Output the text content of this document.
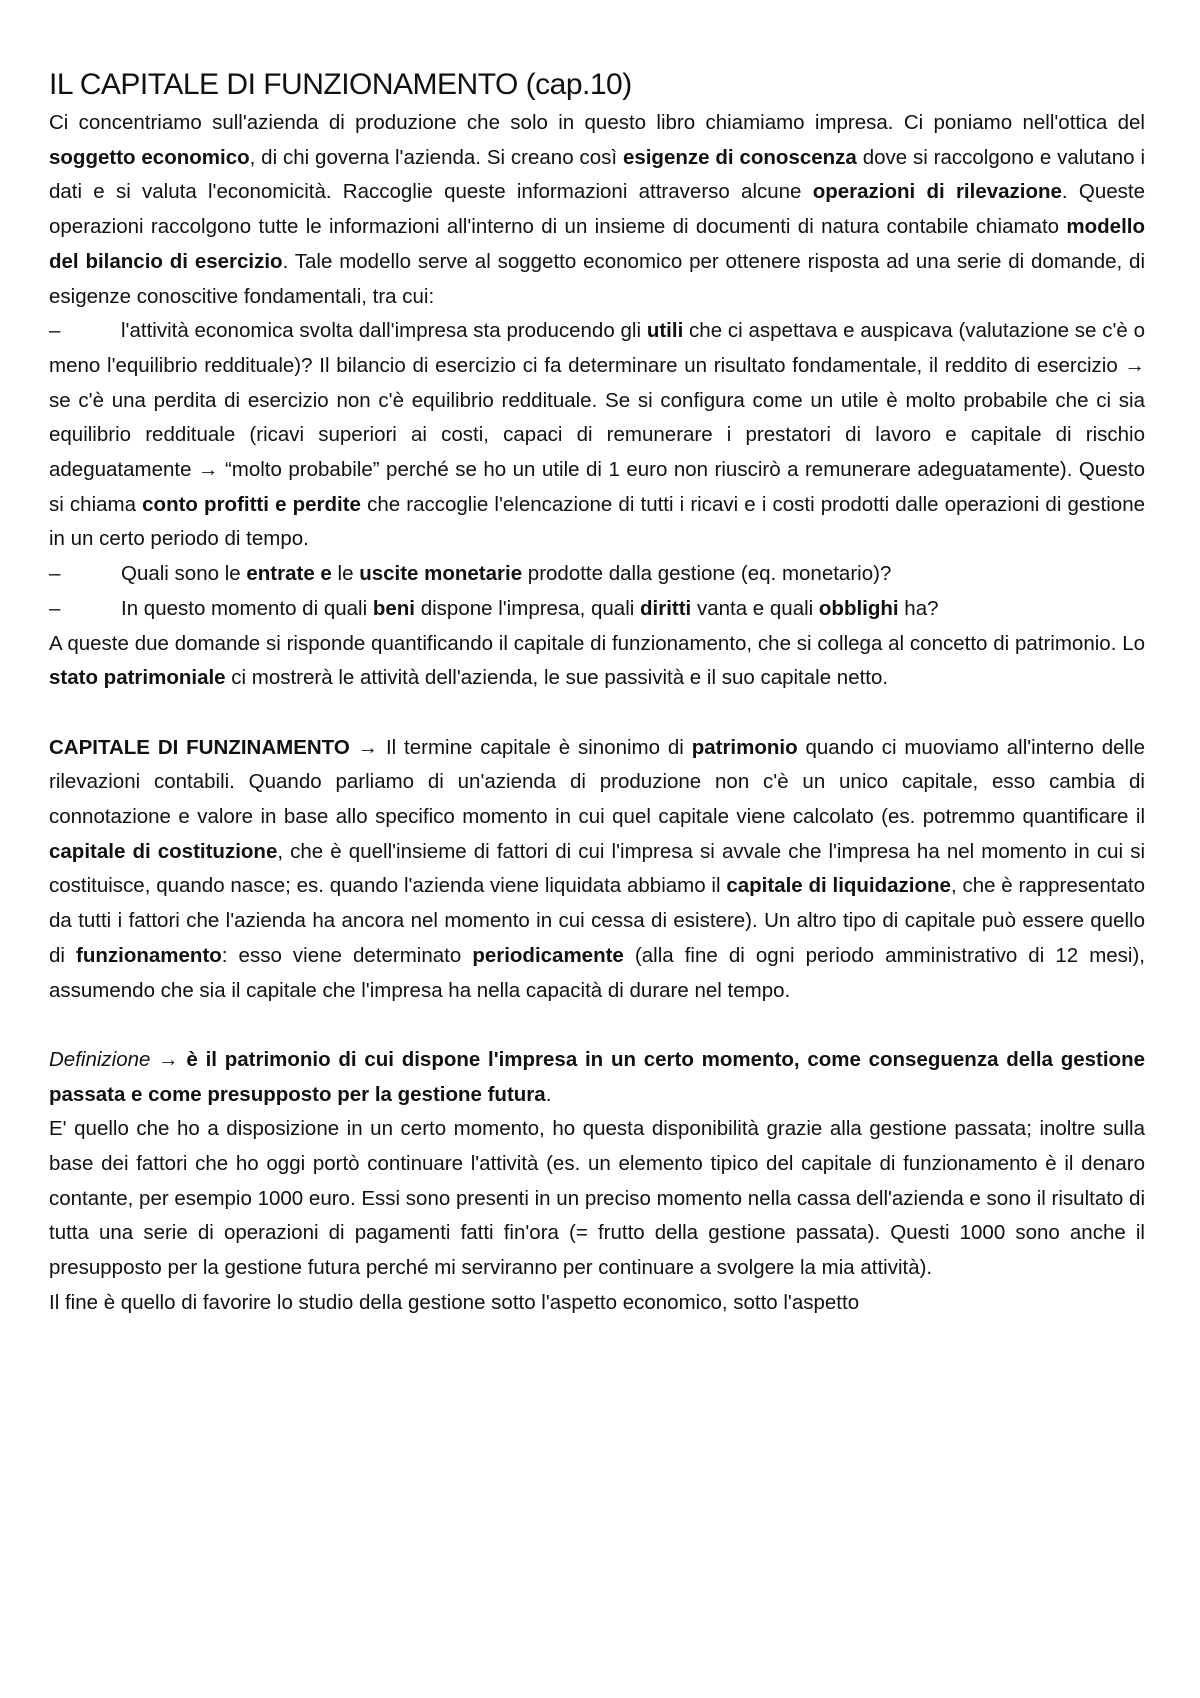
IL CAPITALE DI FUNZIONAMENTO (cap.10)

Ci concentriamo sull'azienda di produzione che solo in questo libro chiamiamo impresa. Ci poniamo nell'ottica del soggetto economico, di chi governa l'azienda. Si creano così esigenze di conoscenza dove si raccolgono e valutano i dati e si valuta l'economicità. Raccoglie queste informazioni attraverso alcune operazioni di rilevazione. Queste operazioni raccolgono tutte le informazioni all'interno di un insieme di documenti di natura contabile chiamato modello del bilancio di esercizio. Tale modello serve al soggetto economico per ottenere risposta ad una serie di domande, di esigenze conoscitive fondamentali, tra cui:

–	l'attività economica svolta dall'impresa sta producendo gli utili che ci aspettava e auspicava (valutazione se c'è o meno l'equilibrio reddituale)? Il bilancio di esercizio ci fa determinare un risultato fondamentale, il reddito di esercizio → se c'è una perdita di esercizio non c'è equilibrio reddituale. Se si configura come un utile è molto probabile che ci sia equilibrio reddituale (ricavi superiori ai costi, capaci di remunerare i prestatori di lavoro e capitale di rischio adeguatamente → “molto probabile” perché se ho un utile di 1 euro non riuscirò a remunerare adeguatamente). Questo si chiama conto profitti e perdite che raccoglie l'elencazione di tutti i ricavi e i costi prodotti dalle operazioni di gestione in un certo periodo di tempo.
–	Quali sono le entrate e le uscite monetarie prodotte dalla gestione (eq. monetario)?
–	In questo momento di quali beni dispone l'impresa, quali diritti vanta e quali obblighi ha?

A queste due domande si risponde quantificando il capitale di funzionamento, che si collega al concetto di patrimonio. Lo stato patrimoniale ci mostrerà le attività dell'azienda, le sue passività e il suo capitale netto.

CAPITALE DI FUNZINAMENTO → Il termine capitale è sinonimo di patrimonio quando ci muoviamo all'interno delle rilevazioni contabili. Quando parliamo di un'azienda di produzione non c'è un unico capitale, esso cambia di connotazione e valore in base allo specifico momento in cui quel capitale viene calcolato (es. potremmo quantificare il capitale di costituzione, che è quell'insieme di fattori di cui l'impresa si avvale che l'impresa ha nel momento in cui si costituisce, quando nasce; es. quando l'azienda viene liquidata abbiamo il capitale di liquidazione, che è rappresentato da tutti i fattori che l'azienda ha ancora nel momento in cui cessa di esistere). Un altro tipo di capitale può essere quello di funzionamento: esso viene determinato periodicamente (alla fine di ogni periodo amministrativo di 12 mesi), assumendo che sia il capitale che l'impresa ha nella capacità di durare nel tempo.

Definizione → è il patrimonio di cui dispone l'impresa in un certo momento, come conseguenza della gestione passata e come presupposto per la gestione futura.

E' quello che ho a disposizione in un certo momento, ho questa disponibilità grazie alla gestione passata; inoltre sulla base dei fattori che ho oggi portò continuare l'attività (es. un elemento tipico del capitale di funzionamento è il denaro contante, per esempio 1000 euro. Essi sono presenti in un preciso momento nella cassa dell'azienda e sono il risultato di tutta una serie di operazioni di pagamenti fatti fin'ora (= frutto della gestione passata). Questi 1000 sono anche il presupposto per la gestione futura perché mi serviranno per continuare a svolgere la mia attività).

Il fine è quello di favorire lo studio della gestione sotto l'aspetto economico, sotto l'aspetto
